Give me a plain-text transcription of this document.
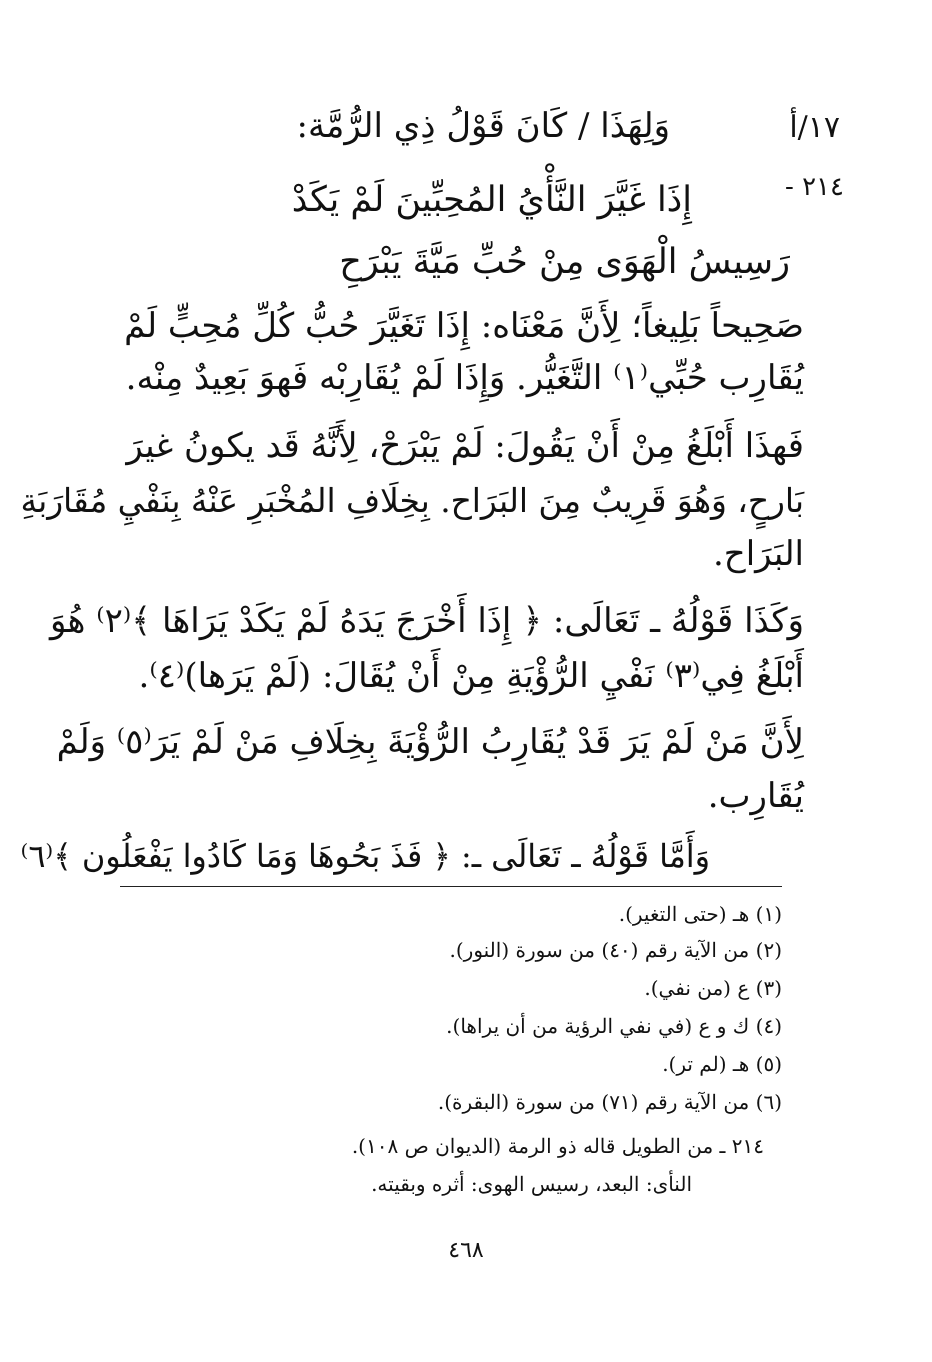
١٧/أ
٢١٤ -
وَلِهَذَا / كَانَ قَوْلُ ذِي الرُّمَّة:
إِذَا غَيَّرَ النَّأْيُ المُحِبِّينَ لَمْ يَكَدْ
رَسِيسُ الْهَوَى مِنْ حُبِّ مَيَّةَ يَبْرَحِ
صَحِيحاً بَلِيغاً؛ لِأَنَّ مَعْنَاه: إِذَا تَغَيَّرَ حُبُّ كُلِّ مُحِبٍّ لَمْ
يُقَارِب حُبِّي⁽١⁾ التَّغَيُّر. وَإِذَا لَمْ يُقَارِبْه فَهوَ بَعِيدٌ مِنْه.
فَهذَا أَبْلَغُ مِنْ أَنْ يَقُولَ: لَمْ يَبْرَحْ، لِأَنَّهُ قَد يكونُ غيرَ
بَارحٍ، وَهُوَ قَرِيبٌ مِنَ البَرَاح. بِخِلَافِ المُخْبَرِ عَنْهُ بِنَفْيِ مُقَارَبَةِ
البَرَاح.
وَكَذَا قَوْلُهُ ـ تَعَالَى: ﴿ إِذَا أَخْرَجَ يَدَهُ لَمْ يَكَدْ يَرَاهَا ﴾⁽٢⁾ هُوَ
أَبْلَغُ فِي⁽٣⁾ نَفْيِ الرُّؤْيَةِ مِنْ أَنْ يُقَالَ: (لَمْ يَرَها)⁽٤⁾.
لِأَنَّ مَنْ لَمْ يَرَ قَدْ يُقَارِبُ الرُّؤْيَةَ بِخِلَافِ مَنْ لَمْ يَرَ⁽٥⁾ وَلَمْ
يُقَارِب.
وَأَمَّا قَوْلُهُ ـ تَعَالَى ـ: ﴿ فَذَ بَحُوهَا وَمَا كَادُوا يَفْعَلُون ﴾⁽٦⁾
(١) هـ (حتى التغير).
(٢) من الآية رقم (٤٠) من سورة (النور).
(٣) ع (من نفي).
(٤) ك و ع (في نفي الرؤية من أن يراها).
(٥) هـ (لم تر).
(٦) من الآية رقم (٧١) من سورة (البقرة).
٢١٤ ـ من الطويل قاله ذو الرمة (الديوان ص ١٠٨).
النأى: البعد، رسيس الهوى: أثره وبقيته.
٤٦٨
